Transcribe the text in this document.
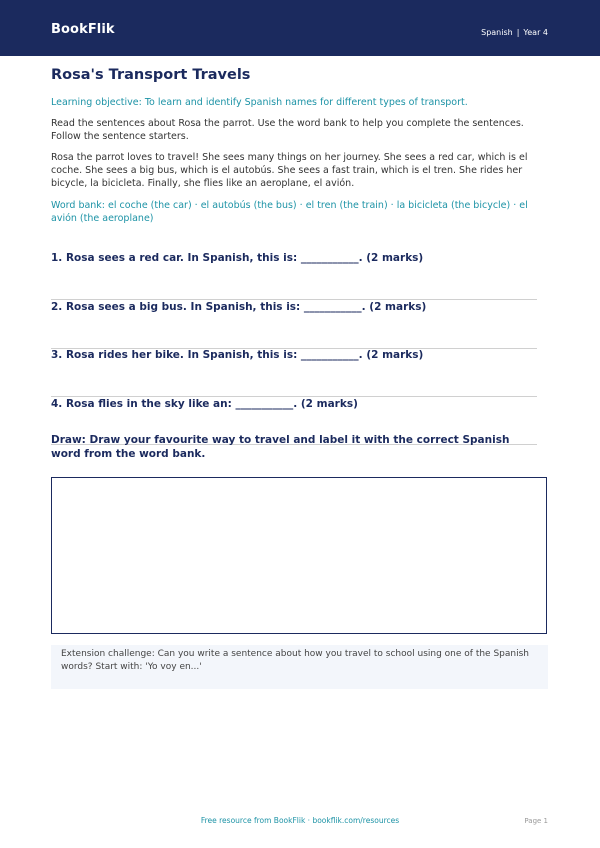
BookFlik	Spanish | Year 4
Rosa's Transport Travels
Learning objective: To learn and identify Spanish names for different types of transport.
Read the sentences about Rosa the parrot. Use the word bank to help you complete the sentences. Follow the sentence starters.
Rosa the parrot loves to travel! She sees many things on her journey. She sees a red car, which is el coche. She sees a big bus, which is el autobús. She sees a fast train, which is el tren. She rides her bicycle, la bicicleta. Finally, she flies like an aeroplane, el avión.
Word bank: el coche (the car) · el autobús (the bus) · el tren (the train) · la bicicleta (the bicycle) · el avión (the aeroplane)
1. Rosa sees a red car. In Spanish, this is: ___________. (2 marks)
2. Rosa sees a big bus. In Spanish, this is: ___________. (2 marks)
3. Rosa rides her bike. In Spanish, this is: ___________. (2 marks)
4. Rosa flies in the sky like an: ___________. (2 marks)
Draw: Draw your favourite way to travel and label it with the correct Spanish word from the word bank.
Extension challenge: Can you write a sentence about how you travel to school using one of the Spanish words? Start with: 'Yo voy en...'
Free resource from BookFlik · bookflik.com/resources	Page 1
